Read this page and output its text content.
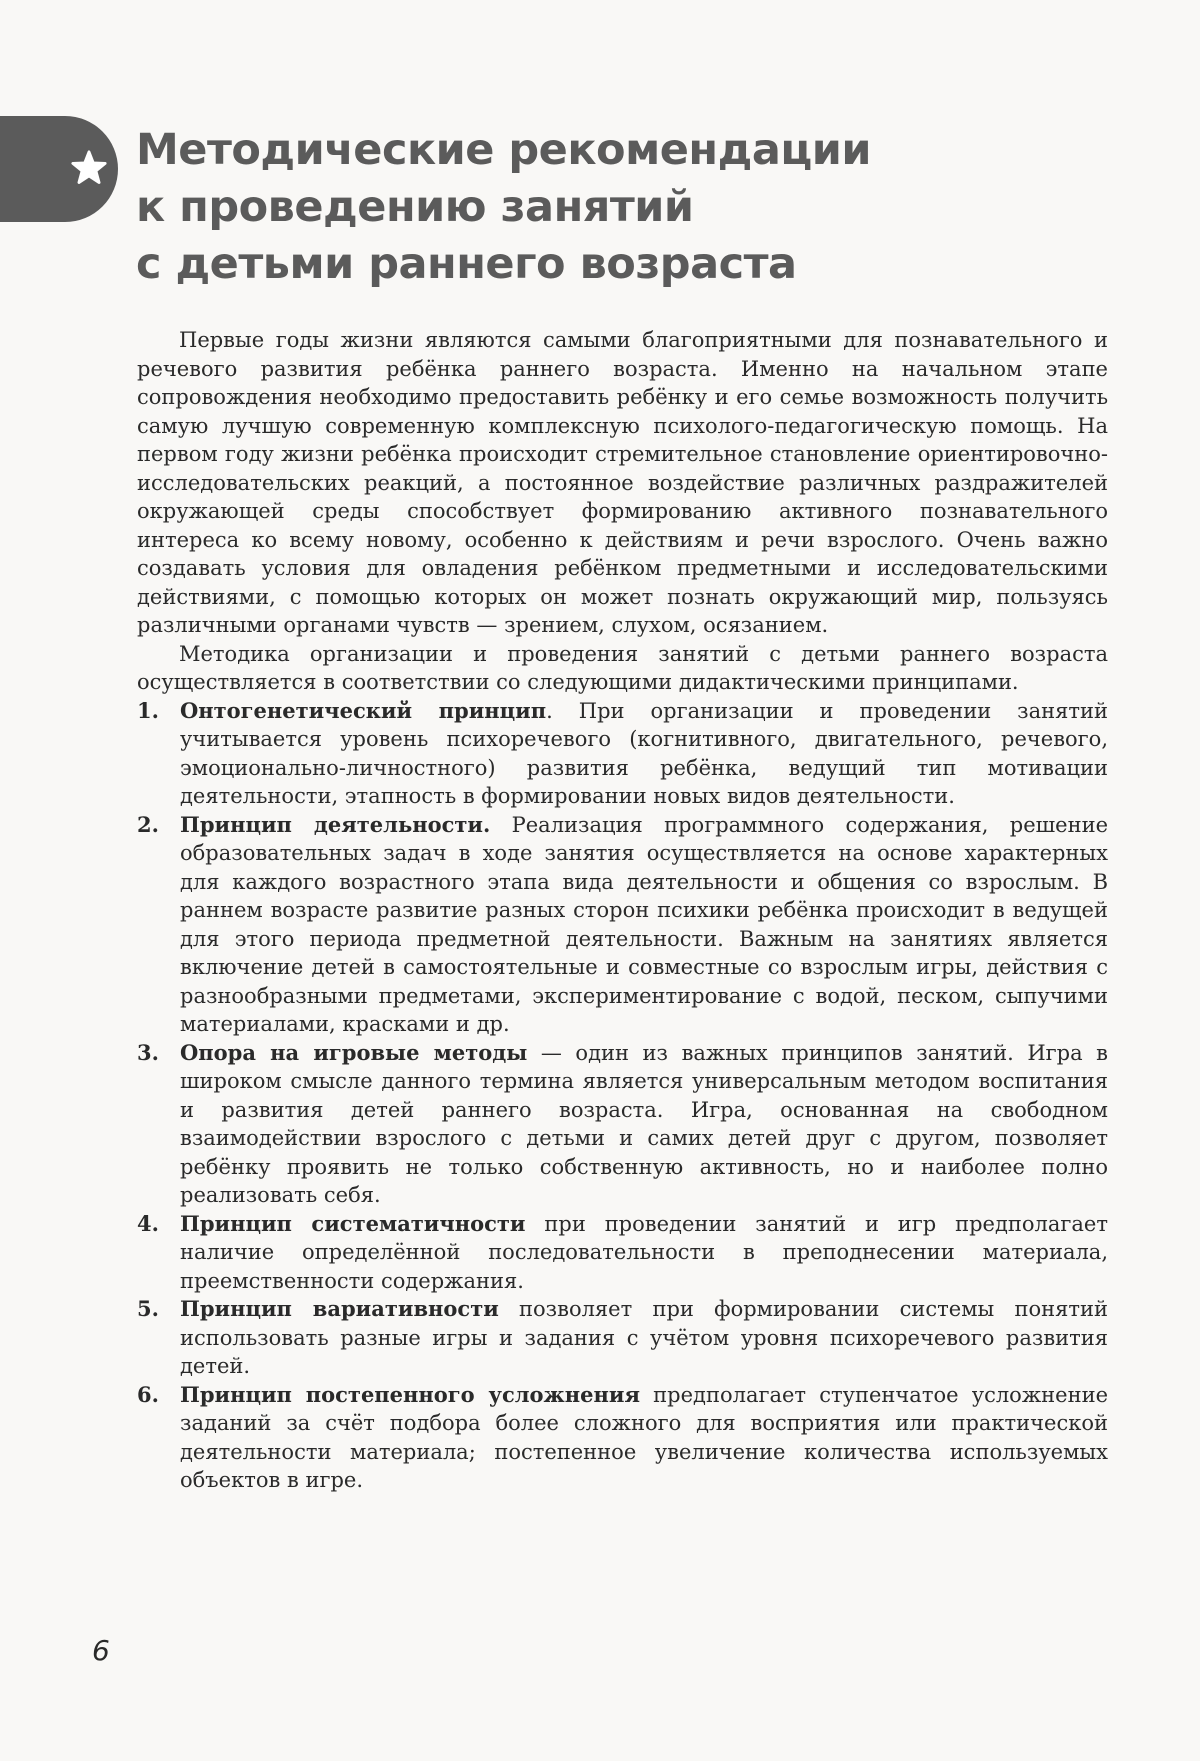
Методические рекомендации
к проведению занятий
с детьми раннего возраста

Первые годы жизни являются самыми благоприятными для познавательного и речевого развития ребёнка раннего возраста. Именно на начальном этапе сопровождения необходимо предоставить ребёнку и его семье возможность получить самую лучшую современную комплексную психолого-педагогическую помощь. На первом году жизни ребёнка происходит стремительное становление ориентировочно-исследовательских реакций, а постоянное воздействие различных раздражителей окружающей среды способствует формированию активного познавательного интереса ко всему новому, особенно к действиям и речи взрослого. Очень важно создавать условия для овладения ребёнком предметными и исследовательскими действиями, с помощью которых он может познать окружающий мир, пользуясь различными органами чувств — зрением, слухом, осязанием.

Методика организации и проведения занятий с детьми раннего возраста осуществляется в соответствии со следующими дидактическими принципами.

1. Онтогенетический принцип. При организации и проведении занятий учитывается уровень психоречевого (когнитивного, двигательного, речевого, эмоционально-личностного) развития ребёнка, ведущий тип мотивации деятельности, этапность в формировании новых видов деятельности.
2. Принцип деятельности. Реализация программного содержания, решение образовательных задач в ходе занятия осуществляется на основе характерных для каждого возрастного этапа вида деятельности и общения со взрослым. В раннем возрасте развитие разных сторон психики ребёнка происходит в ведущей для этого периода предметной деятельности. Важным на занятиях является включение детей в самостоятельные и совместные со взрослым игры, действия с разнообразными предметами, экспериментирование с водой, песком, сыпучими материалами, красками и др.
3. Опора на игровые методы — один из важных принципов занятий. Игра в широком смысле данного термина является универсальным методом воспитания и развития детей раннего возраста. Игра, основанная на свободном взаимодействии взрослого с детьми и самих детей друг с другом, позволяет ребёнку проявить не только собственную активность, но и наиболее полно реализовать себя.
4. Принцип систематичности при проведении занятий и игр предполагает наличие определённой последовательности в преподнесении материала, преемственности содержания.
5. Принцип вариативности позволяет при формировании системы понятий использовать разные игры и задания с учётом уровня психоречевого развития детей.
6. Принцип постепенного усложнения предполагает ступенчатое усложнение заданий за счёт подбора более сложного для восприятия или практической деятельности материала; постепенное увеличение количества используемых объектов в игре.
6
